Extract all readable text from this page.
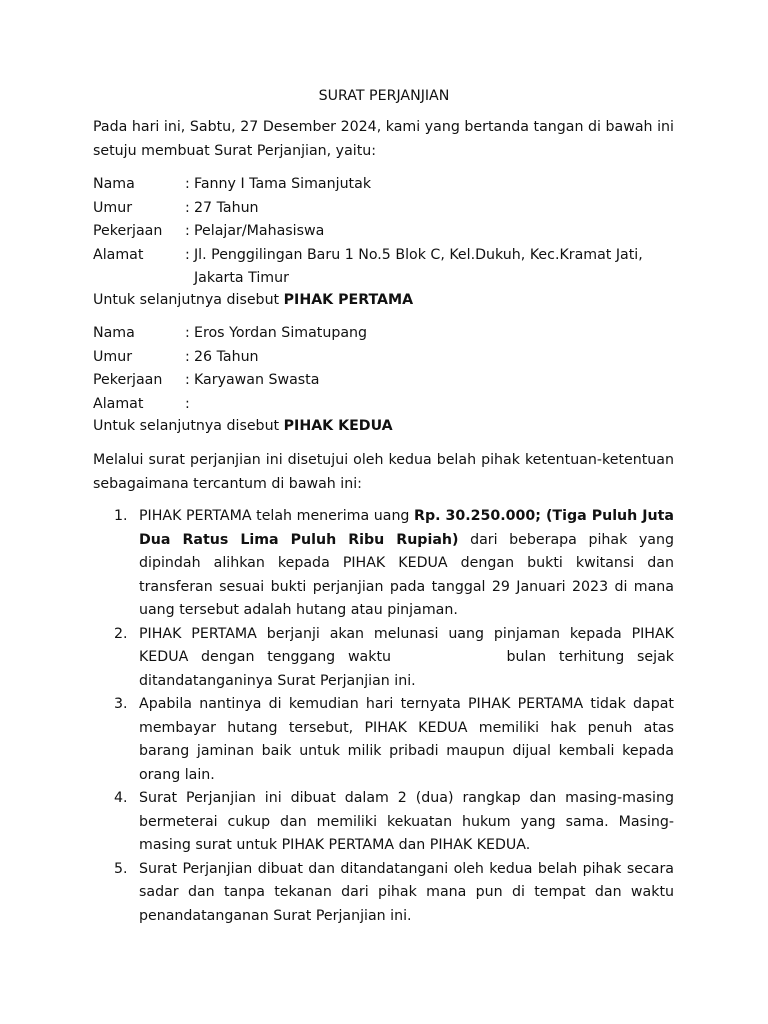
SURAT PERJANJIAN

Pada hari ini, Sabtu, 27 Desember 2024, kami yang bertanda tangan di bawah ini setuju membuat Surat Perjanjian, yaitu:

Nama	: Fanny I Tama Simanjutak
Umur	: 27 Tahun
Pekerjaan	: Pelajar/Mahasiswa
Alamat	: Jl. Penggilingan Baru 1 No.5 Blok C, Kel.Dukuh, Kec.Kramat Jati,
Jakarta Timur
Untuk selanjutnya disebut PIHAK PERTAMA
Nama	: Eros Yordan Simatupang
Umur	: 26 Tahun
Pekerjaan	: Karyawan Swasta
Alamat	:
Untuk selanjutnya disebut PIHAK KEDUA

Melalui surat perjanjian ini disetujui oleh kedua belah pihak ketentuan-ketentuan sebagaimana tercantum di bawah ini:

1. PIHAK PERTAMA telah menerima uang Rp. 30.250.000; (Tiga Puluh Juta Dua Ratus Lima Puluh Ribu Rupiah) dari beberapa pihak yang dipindah alihkan kepada PIHAK KEDUA dengan bukti kwitansi dan transferan sesuai bukti perjanjian pada tanggal 29 Januari 2023 di mana uang tersebut adalah hutang atau pinjaman.
2. PIHAK PERTAMA berjanji akan melunasi uang pinjaman kepada PIHAK KEDUA dengan tenggang waktu	bulan terhitung sejak ditandatanganinya Surat Perjanjian ini.
3. Apabila nantinya di kemudian hari ternyata PIHAK PERTAMA tidak dapat membayar hutang tersebut, PIHAK KEDUA memiliki hak penuh atas barang jaminan baik untuk milik pribadi maupun dijual kembali kepada orang lain.
4. Surat Perjanjian ini dibuat dalam 2 (dua) rangkap dan masing-masing bermeterai cukup dan memiliki kekuatan hukum yang sama. Masing-masing surat untuk PIHAK PERTAMA dan PIHAK KEDUA.
5. Surat Perjanjian dibuat dan ditandatangani oleh kedua belah pihak secara sadar dan tanpa tekanan dari pihak mana pun di tempat dan waktu penandatanganan Surat Perjanjian ini.
